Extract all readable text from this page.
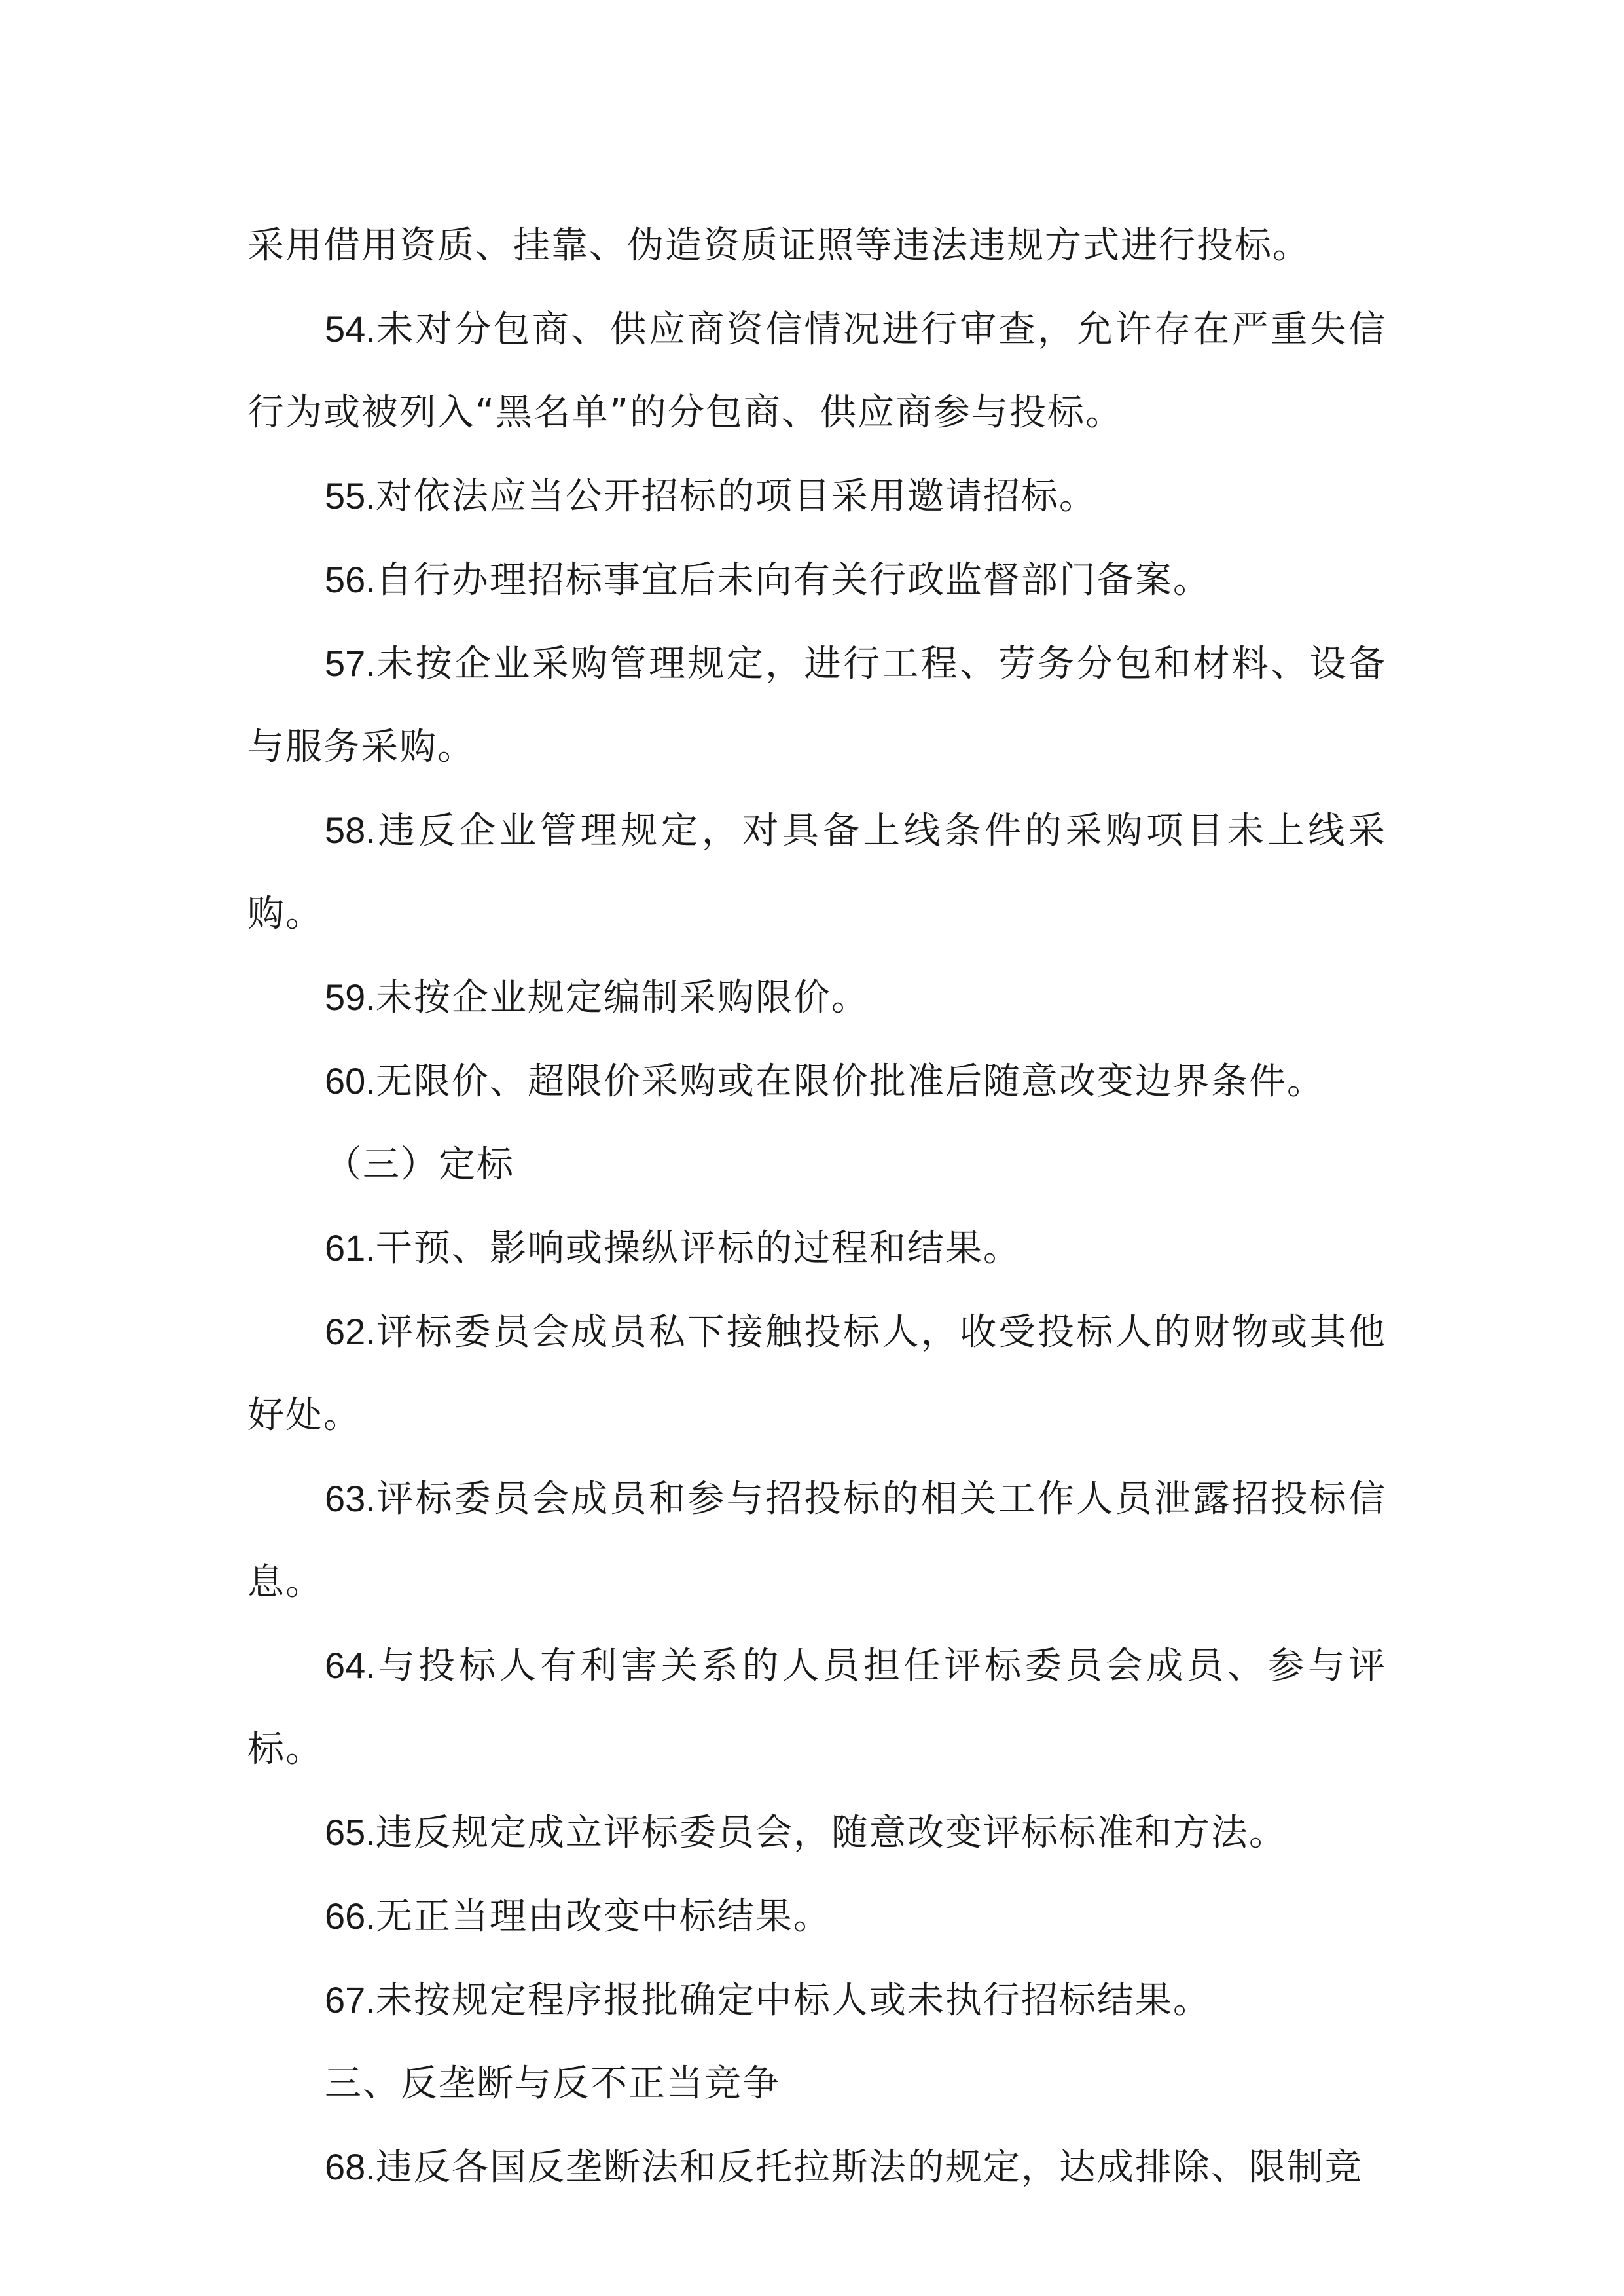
采用借用资质、挂靠、伪造资质证照等违法违规方式进行投标。

54.未对分包商、供应商资信情况进行审查，允许存在严重失信行为或被列入“黑名单”的分包商、供应商参与投标。

55.对依法应当公开招标的项目采用邀请招标。

56.自行办理招标事宜后未向有关行政监督部门备案。

57.未按企业采购管理规定，进行工程、劳务分包和材料、设备与服务采购。

58.违反企业管理规定，对具备上线条件的采购项目未上线采购。

59.未按企业规定编制采购限价。

60.无限价、超限价采购或在限价批准后随意改变边界条件。

（三）定标

61.干预、影响或操纵评标的过程和结果。

62.评标委员会成员私下接触投标人，收受投标人的财物或其他好处。

63.评标委员会成员和参与招投标的相关工作人员泄露招投标信息。

64.与投标人有利害关系的人员担任评标委员会成员、参与评标。

65.违反规定成立评标委员会，随意改变评标标准和方法。

66.无正当理由改变中标结果。

67.未按规定程序报批确定中标人或未执行招标结果。

三、反垄断与反不正当竞争

68.违反各国反垄断法和反托拉斯法的规定，达成排除、限制竞
